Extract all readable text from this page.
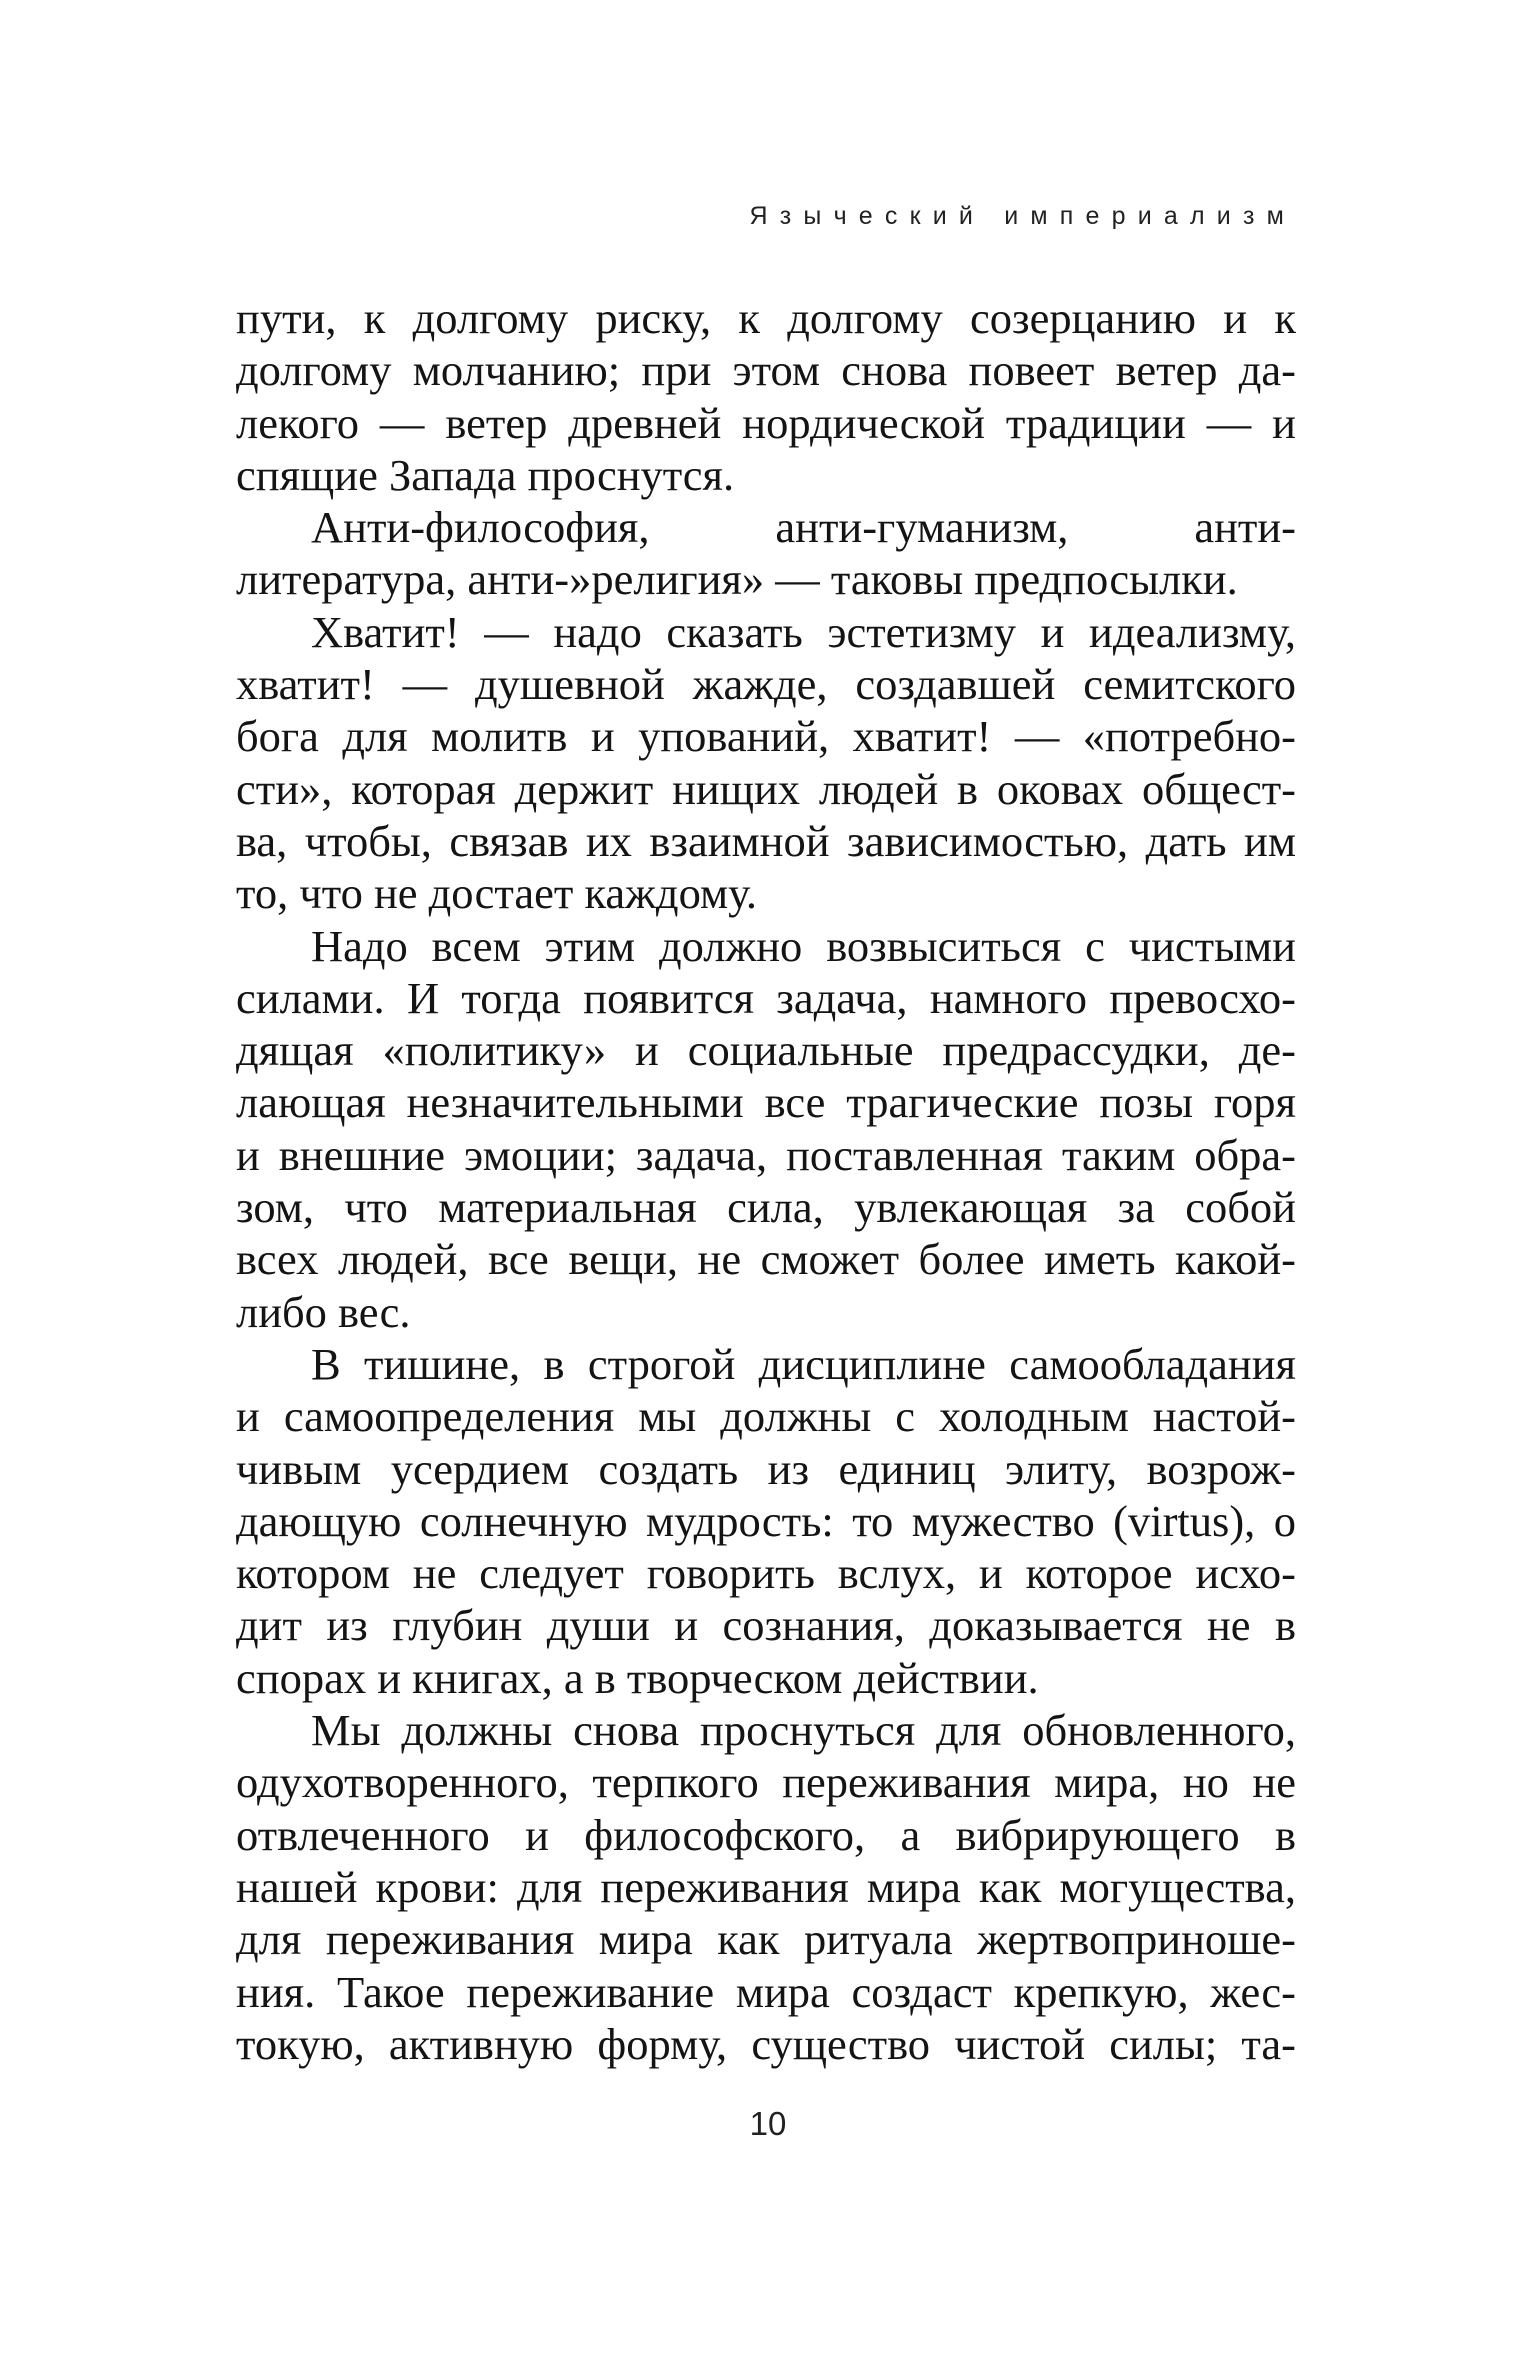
Языческий империализм
пути, к долгому риску, к долгому созерцанию и к
долгому молчанию; при этом снова повеет ветер да-
лекого — ветер древней нордической традиции — и
спящие Запада проснутся.
Анти-философия, анти-гуманизм, анти-
литература, анти-»религия» — таковы предпосылки.
Хватит! — надо сказать эстетизму и идеализму,
хватит! — душевной жажде, создавшей семитского
бога для молитв и упований, хватит! — «потребно-
сти», которая держит нищих людей в оковах общест-
ва, чтобы, связав их взаимной зависимостью, дать им
то, что не достает каждому.
Надо всем этим должно возвыситься с чистыми
силами. И тогда появится задача, намного превосхо-
дящая «политику» и социальные предрассудки, де-
лающая незначительными все трагические позы горя
и внешние эмоции; задача, поставленная таким обра-
зом, что материальная сила, увлекающая за собой
всех людей, все вещи, не сможет более иметь какой-
либо вес.
В тишине, в строгой дисциплине самообладания
и самоопределения мы должны с холодным настой-
чивым усердием создать из единиц элиту, возрож-
дающую солнечную мудрость: то мужество (virtus), о
котором не следует говорить вслух, и которое исхо-
дит из глубин души и сознания, доказывается не в
спорах и книгах, а в творческом действии.
Мы должны снова проснуться для обновленного,
одухотворенного, терпкого переживания мира, но не
отвлеченного и философского, а вибрирующего в
нашей крови: для переживания мира как могущества,
для переживания мира как ритуала жертвоприноше-
ния. Такое переживание мира создаст крепкую, жес-
токую, активную форму, существо чистой силы; та-
10
